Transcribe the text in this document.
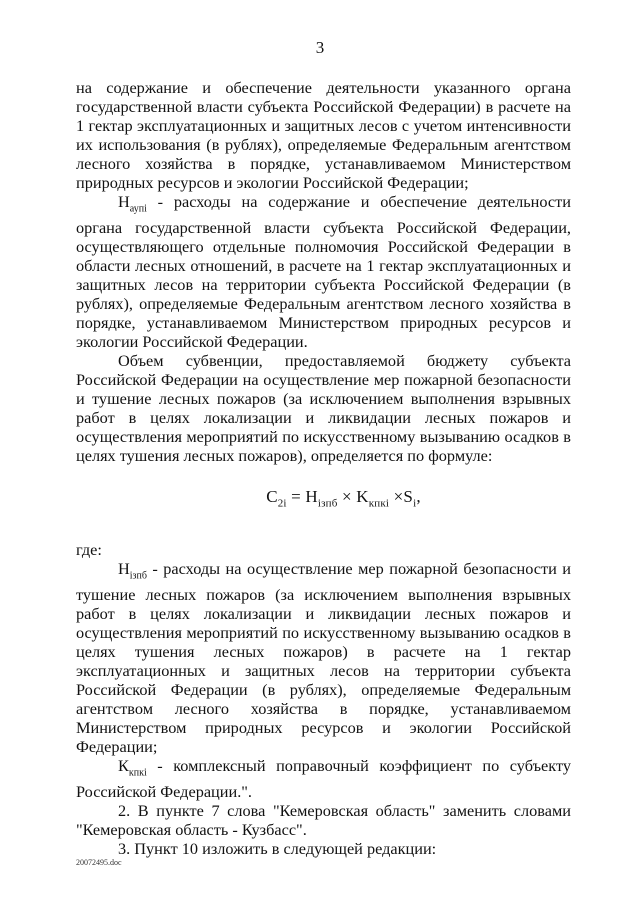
3

на содержание и обеспечение деятельности указанного органа государственной власти субъекта Российской Федерации) в расчете на 1 гектар эксплуатационных и защитных лесов с учетом интенсивности их использования (в рублях), определяемые Федеральным агентством лесного хозяйства в порядке, устанавливаемом Министерством природных ресурсов и экологии Российской Федерации;

$Н_{аупi}$ - расходы на содержание и обеспечение деятельности органа государственной власти субъекта Российской Федерации, осуществляющего отдельные полномочия Российской Федерации в области лесных отношений, в расчете на 1 гектар эксплуатационных и защитных лесов на территории субъекта Российской Федерации (в рублях), определяемые Федеральным агентством лесного хозяйства в порядке, устанавливаемом Министерством природных ресурсов и экологии Российской Федерации.

Объем субвенции, предоставляемой бюджету субъекта Российской Федерации на осуществление мер пожарной безопасности и тушение лесных пожаров (за исключением выполнения взрывных работ в целях локализации и ликвидации лесных пожаров и осуществления мероприятий по искусственному вызыванию осадков в целях тушения лесных пожаров), определяется по формуле:

$C_{2i} = H_{iзпб} \times K_{кпкi} \times S_i$,

где:

$Н_{iзпб}$ - расходы на осуществление мер пожарной безопасности и тушение лесных пожаров (за исключением выполнения взрывных работ в целях локализации и ликвидации лесных пожаров и осуществления мероприятий по искусственному вызыванию осадков в целях тушения лесных пожаров) в расчете на 1 гектар эксплуатационных и защитных лесов на территории субъекта Российской Федерации (в рублях), определяемые Федеральным агентством лесного хозяйства в порядке, устанавливаемом Министерством природных ресурсов и экологии Российской Федерации;

$К_{кпкi}$ - комплексный поправочный коэффициент по субъекту Российской Федерации.".

2. В пункте 7 слова "Кемеровская область" заменить словами "Кемеровская область - Кузбасс".

3. Пункт 10 изложить в следующей редакции:

20072495.doc
